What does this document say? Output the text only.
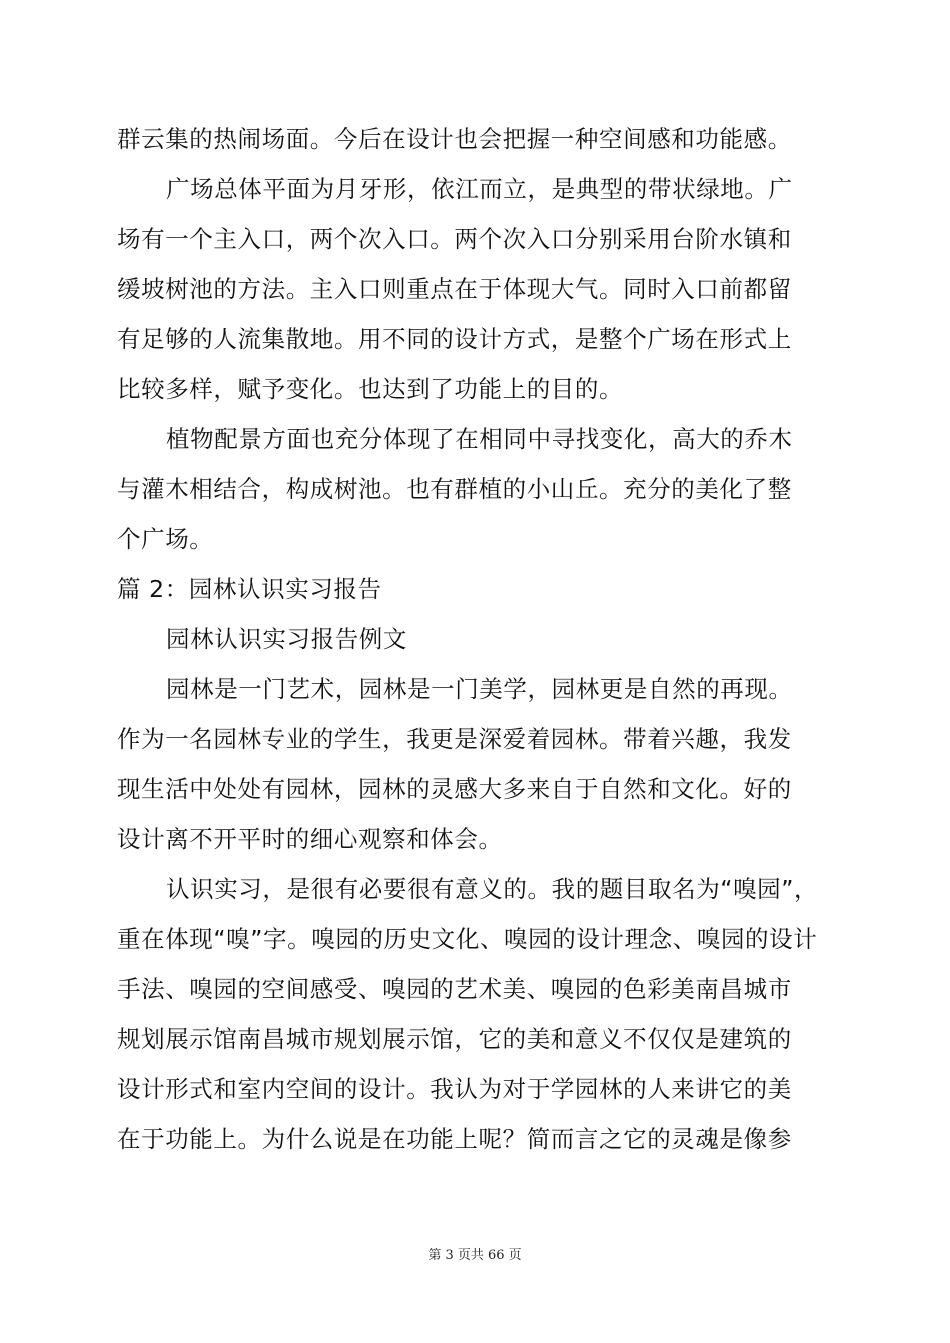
群云集的热闹场面。今后在设计也会把握一种空间感和功能感。
广场总体平面为月牙形，依江而立，是典型的带状绿地。广
场有一个主入口，两个次入口。两个次入口分别采用台阶水镇和
缓坡树池的方法。主入口则重点在于体现大气。同时入口前都留
有足够的人流集散地。用不同的设计方式，是整个广场在形式上
比较多样，赋予变化。也达到了功能上的目的。
植物配景方面也充分体现了在相同中寻找变化，高大的乔木
与灌木相结合，构成树池。也有群植的小山丘。充分的美化了整
个广场。
篇 2：园林认识实习报告
园林认识实习报告例文
园林是一门艺术，园林是一门美学，园林更是自然的再现。
作为一名园林专业的学生，我更是深爱着园林。带着兴趣，我发
现生活中处处有园林，园林的灵感大多来自于自然和文化。好的
设计离不开平时的细心观察和体会。
认识实习，是很有必要很有意义的。我的题目取名为“嗅园”，
重在体现“嗅”字。嗅园的历史文化、嗅园的设计理念、嗅园的设计
手法、嗅园的空间感受、嗅园的艺术美、嗅园的色彩美南昌城市
规划展示馆南昌城市规划展示馆，它的美和意义不仅仅是建筑的
设计形式和室内空间的设计。我认为对于学园林的人来讲它的美
在于功能上。为什么说是在功能上呢？简而言之它的灵魂是像参
第 3 页共 66 页
